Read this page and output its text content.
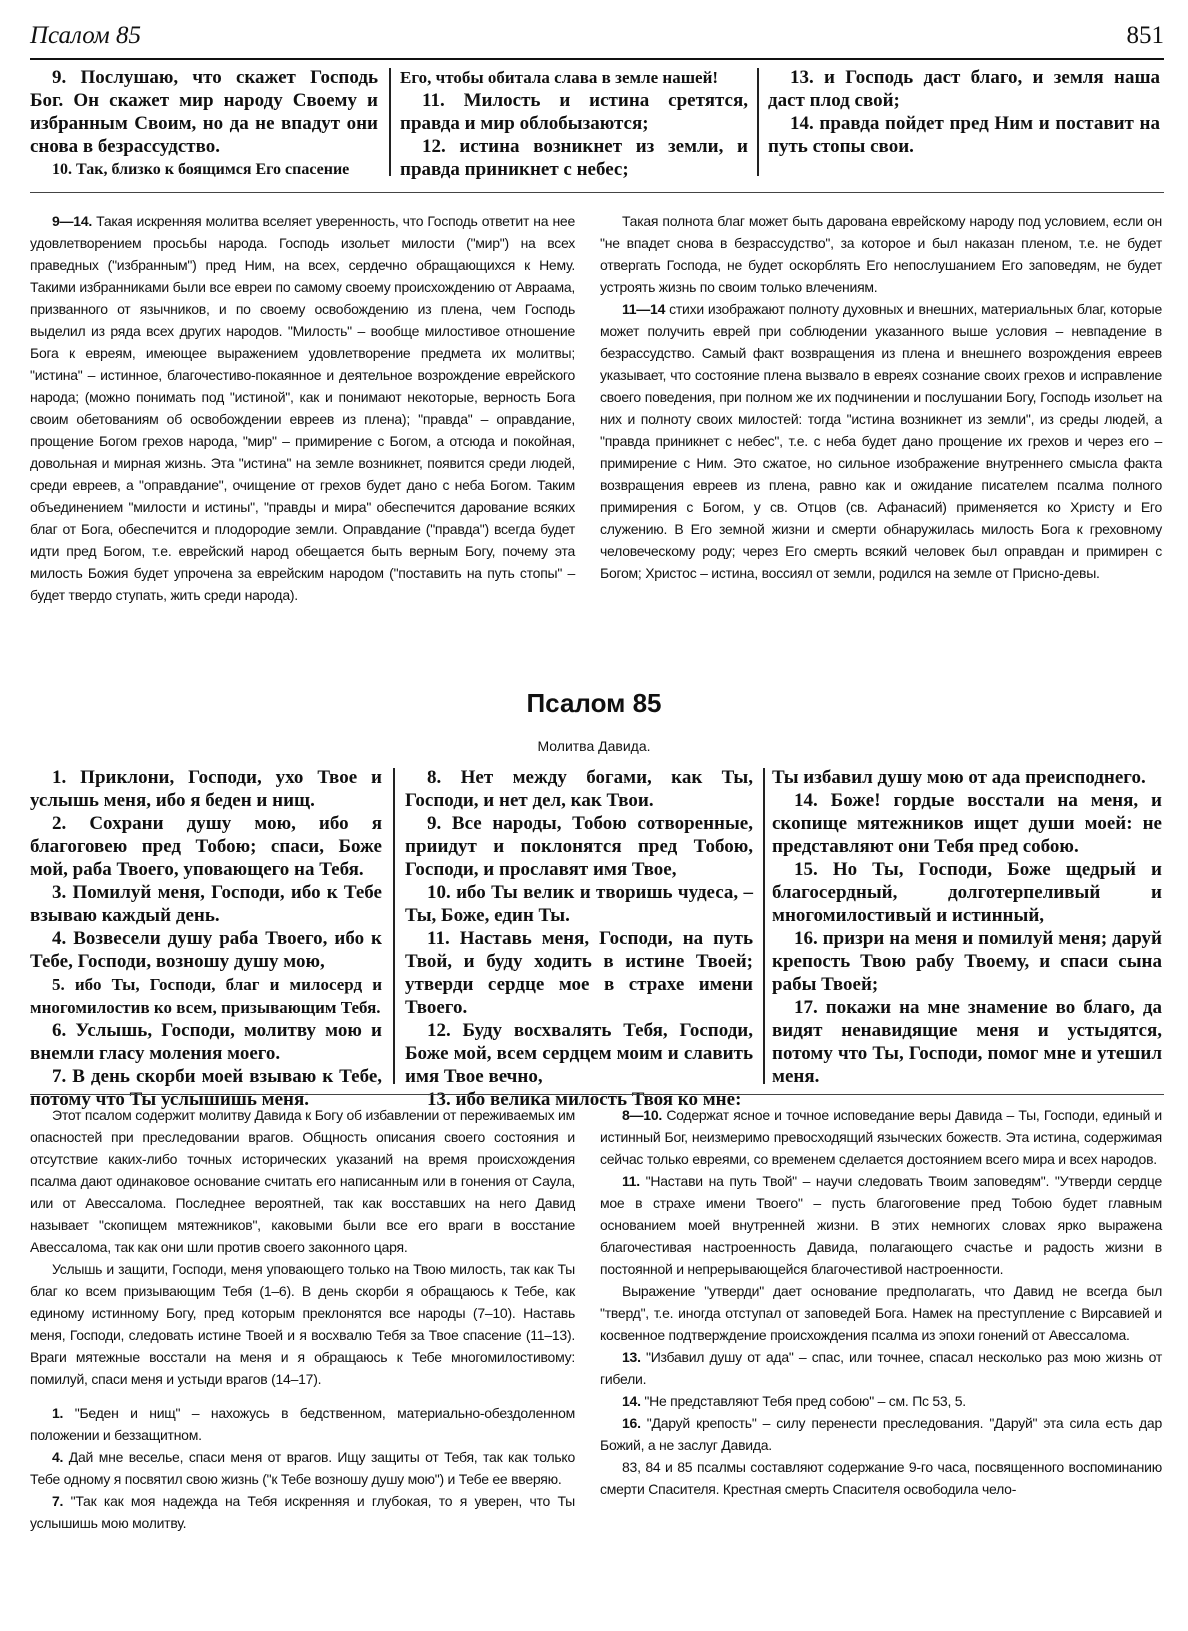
Псалом 85	851

9. Послушаю, что скажет Господь Бог. Он скажет мир народу Своему и избранным Своим, но да не впадут они снова в безрассудство.

10. Так, близко к боящимся Его спасение

Его, чтобы обитала слава в земле нашей!

11. Милость и истина сретятся, правда и мир облобызаются;

12. истина возникнет из земли, и правда приникнет с небес;

13. и Господь даст благо, и земля наша даст плод свой;

14. правда пойдет пред Ним и поставит на путь стопы свои.

9—14. Такая искренняя молитва вселяет уверенность, что Господь ответит на нее удовлетворением просьбы народа. Господь изольет милости ("мир") на всех праведных ("избранным") пред Ним, на всех, сердечно обращающихся к Нему. Такими избранниками были все евреи по самому своему происхождению от Авраама, призванного от язычников, и по своему освобождению из плена, чем Господь выделил из ряда всех других народов. "Милость" – вообще милостивое отношение Бога к евреям, имеющее выражением удовлетворение предмета их молитвы; "истина" – истинное, благочестиво-покаянное и деятельное возрождение еврейского народа; (можно понимать под "истиной", как и понимают некоторые, верность Бога своим обетованиям об освобождении евреев из плена); "правда" – оправдание, прощение Богом грехов народа, "мир" – примирение с Богом, а отсюда и покойная, довольная и мирная жизнь. Эта "истина" на земле возникнет, появится среди людей, среди евреев, а "оправдание", очищение от грехов будет дано с неба Богом. Таким объединением "милости и истины", "правды и мира" обеспечится дарование всяких благ от Бога, обеспечится и плодородие земли. Оправдание ("правда") всегда будет идти пред Богом, т.е. еврейский народ обещается быть верным Богу, почему эта милость Божия будет упрочена за еврейским народом ("поставить на путь стопы" – будет твердо ступать, жить среди народа).

Такая полнота благ может быть дарована еврейскому народу под условием, если он "не впадет снова в безрассудство", за которое и был наказан пленом, т.е. не будет отвергать Господа, не будет оскорблять Его непослушанием Его заповедям, не будет устроять жизнь по своим только влечениям.

11—14 стихи изображают полноту духовных и внешних, материальных благ, которые может получить еврей при соблюдении указанного выше условия – невпадение в безрассудство. Самый факт возвращения из плена и внешнего возрождения евреев указывает, что состояние плена вызвало в евреях сознание своих грехов и исправление своего поведения, при полном же их подчинении и послушании Богу, Господь изольет на них и полноту своих милостей: тогда "истина возникнет из земли", из среды людей, а "правда приникнет с небес", т.е. с неба будет дано прощение их грехов и через его – примирение с Ним. Это сжатое, но сильное изображение внутреннего смысла факта возвращения евреев из плена, равно как и ожидание писателем псалма полного примирения с Богом, у св. Отцов (св. Афанасий) применяется ко Христу и Его служению. В Его земной жизни и смерти обнаружилась милость Бога к греховному человеческому роду; через Его смерть всякий человек был оправдан и примирен с Богом; Христос – истина, воссиял от земли, родился на земле от Присно-девы.

Псалом 85
Молитва Давида.

1. Приклони, Господи, ухо Твое и услышь меня, ибо я беден и нищ.

2. Сохрани душу мою, ибо я благоговею пред Тобою; спаси, Боже мой, раба Твоего, уповающего на Тебя.

3. Помилуй меня, Господи, ибо к Тебе взываю каждый день.

4. Возвесели душу раба Твоего, ибо к Тебе, Господи, возношу душу мою,

5. ибо Ты, Господи, благ и милосерд и многомилостив ко всем, призывающим Тебя.

6. Услышь, Господи, молитву мою и внемли гласу моления моего.

7. В день скорби моей взываю к Тебе, потому что Ты услышишь меня.

8. Нет между богами, как Ты, Господи, и нет дел, как Твои.

9. Все народы, Тобою сотворенные, приидут и поклонятся пред Тобою, Господи, и прославят имя Твое,

10. ибо Ты велик и творишь чудеса, – Ты, Боже, един Ты.

11. Наставь меня, Господи, на путь Твой, и буду ходить в истине Твоей; утверди сердце мое в страхе имени Твоего.

12. Буду восхвалять Тебя, Господи, Боже мой, всем сердцем моим и славить имя Твое вечно,

13. ибо велика милость Твоя ко мне:

Ты избавил душу мою от ада преисподнего.

14. Боже! гордые восстали на меня, и скопище мятежников ищет души моей: не представляют они Тебя пред собою.

15. Но Ты, Господи, Боже щедрый и благосердный, долготерпеливый и многомилостивый и истинный,

16. призри на меня и помилуй меня; даруй крепость Твою рабу Твоему, и спаси сына рабы Твоей;

17. покажи на мне знамение во благо, да видят ненавидящие меня и устыдятся, потому что Ты, Господи, помог мне и утешил меня.

Этот псалом содержит молитву Давида к Богу об избавлении от переживаемых им опасностей при преследовании врагов. Общность описания своего состояния и отсутствие каких-либо точных исторических указаний на время происхождения псалма дают одинаковое основание считать его написанным или в гонения от Саула, или от Авессалома. Последнее вероятней, так как восставших на него Давид называет "скопищем мятежников", каковыми были все его враги в восстание Авессалома, так как они шли против своего законного царя.

Услышь и защити, Господи, меня уповающего только на Твою милость, так как Ты благ ко всем призывающим Тебя (1–6). В день скорби я обращаюсь к Тебе, как единому истинному Богу, пред которым преклонятся все народы (7–10). Наставь меня, Господи, следовать истине Твоей и я восхвалю Тебя за Твое спасение (11–13). Враги мятежные восстали на меня и я обращаюсь к Тебе многомилостивому: помилуй, спаси меня и устыди врагов (14–17).

1. "Беден и нищ" – нахожусь в бедственном, материально-обездоленном положении и беззащитном.

4. Дай мне веселье, спаси меня от врагов. Ищу защиты от Тебя, так как только Тебе одному я посвятил свою жизнь ("к Тебе возношу душу мою") и Тебе ее вверяю.

7. "Так как моя надежда на Тебя искренняя и глубокая, то я уверен, что Ты услышишь мою молитву.

8—10. Содержат ясное и точное исповедание веры Давида – Ты, Господи, единый и истинный Бог, неизмеримо превосходящий языческих божеств. Эта истина, содержимая сейчас только евреями, со временем сделается достоянием всего мира и всех народов.

11. "Настави на путь Твой" – научи следовать Твоим заповедям". "Утверди сердце мое в страхе имени Твоего" – пусть благоговение пред Тобою будет главным основанием моей внутренней жизни. В этих немногих словах ярко выражена благочестивая настроенность Давида, полагающего счастье и радость жизни в постоянной и непрерывающейся благочестивой настроенности.

Выражение "утверди" дает основание предполагать, что Давид не всегда был "тверд", т.е. иногда отступал от заповедей Бога. Намек на преступление с Вирсавией и косвенное подтверждение происхождения псалма из эпохи гонений от Авессалома.

13. "Избавил душу от ада" – спас, или точнее, спасал несколько раз мою жизнь от гибели.

14. "Не представляют Тебя пред собою" – см. Пс 53, 5.

16. "Даруй крепость" – силу перенести преследования. "Даруй" эта сила есть дар Божий, а не заслуг Давида.

83, 84 и 85 псалмы составляют содержание 9-го часа, посвященного воспоминанию смерти Спасителя. Крестная смерть Спасителя освободила чело-
